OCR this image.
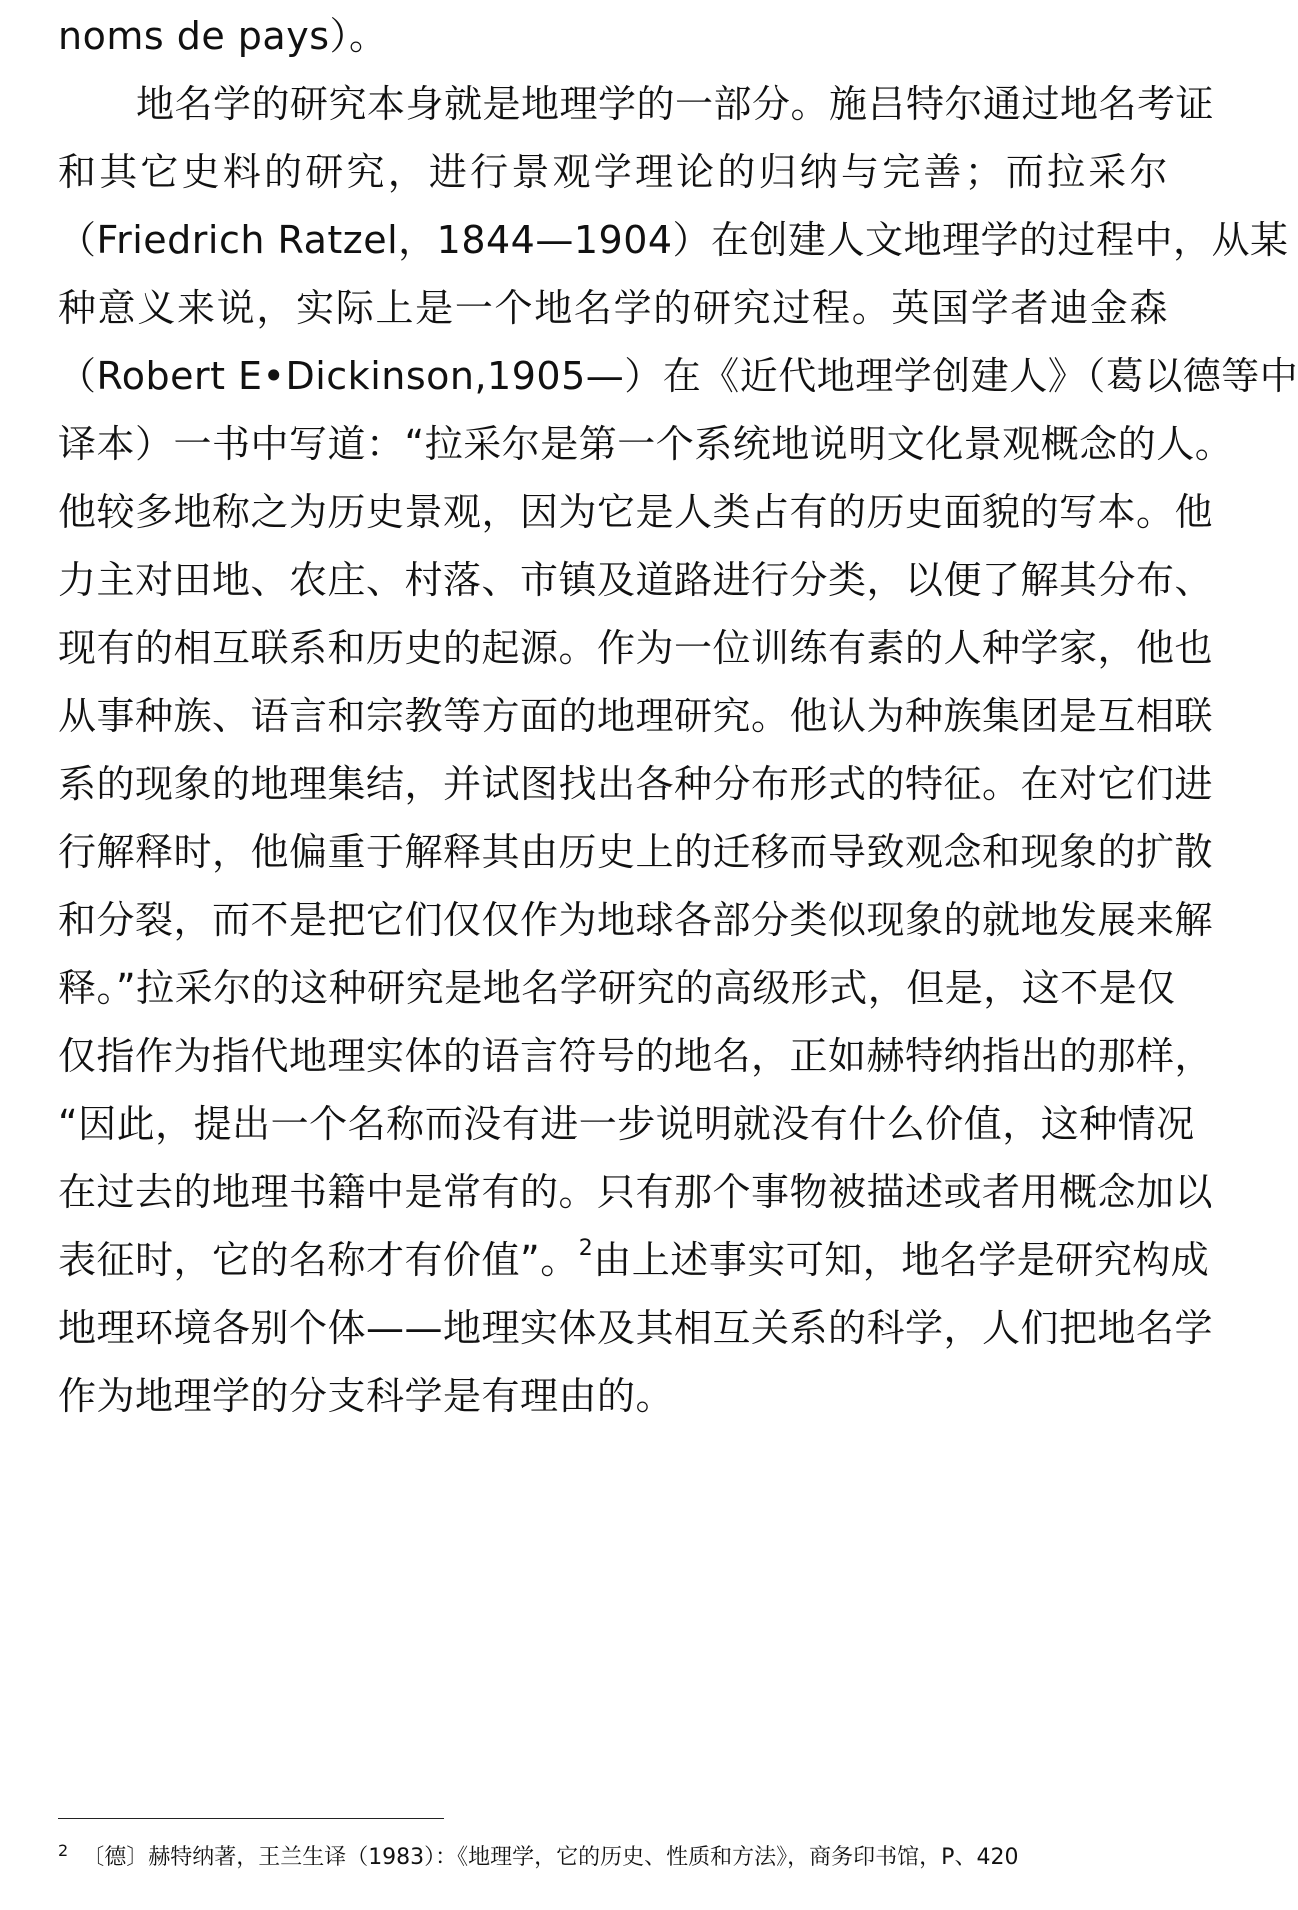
noms de pays）。
地名学的研究本身就是地理学的一部分。施吕特尔通过地名考证
和其它史料的研究，进行景观学理论的归纳与完善；而拉采尔
（Friedrich Ratzel，1844—1904）在创建人文地理学的过程中，从某
种意义来说，实际上是一个地名学的研究过程。英国学者迪金森
（Robert E•Dickinson,1905—）在《近代地理学创建人》（葛以德等中
译本）一书中写道：“拉采尔是第一个系统地说明文化景观概念的人。
他较多地称之为历史景观，因为它是人类占有的历史面貌的写本。他
力主对田地、农庄、村落、市镇及道路进行分类，以便了解其分布、
现有的相互联系和历史的起源。作为一位训练有素的人种学家，他也
从事种族、语言和宗教等方面的地理研究。他认为种族集团是互相联
系的现象的地理集结，并试图找出各种分布形式的特征。在对它们进
行解释时，他偏重于解释其由历史上的迁移而导致观念和现象的扩散
和分裂，而不是把它们仅仅作为地球各部分类似现象的就地发展来解
释。”拉采尔的这种研究是地名学研究的高级形式，但是，这不是仅
仅指作为指代地理实体的语言符号的地名，正如赫特纳指出的那样，
“因此，提出一个名称而没有进一步说明就没有什么价值，这种情况
在过去的地理书籍中是常有的。只有那个事物被描述或者用概念加以
表征时，它的名称才有价值”。$^2$由上述事实可知，地名学是研究构成
地理环境各别个体——地理实体及其相互关系的科学，人们把地名学
作为地理学的分支科学是有理由的。
$^2$ 〔德〕赫特纳著，王兰生译（1983）：《地理学，它的历史、性质和方法》，商务印书馆，P、420
